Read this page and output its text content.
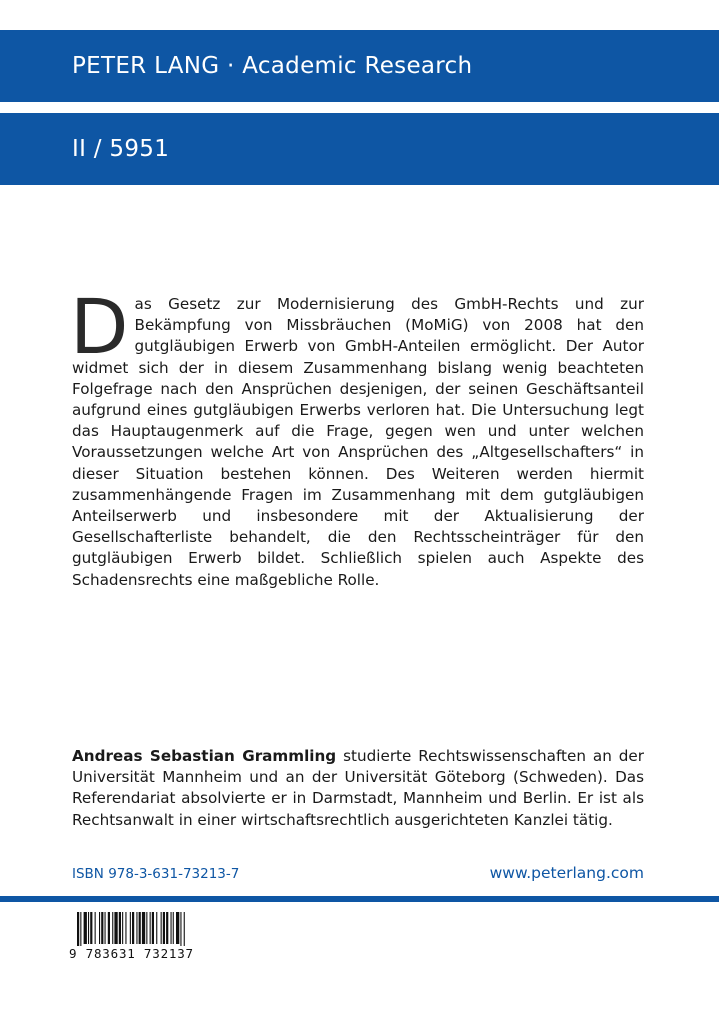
PETER LANG · Academic Research
II / 5951

Das Gesetz zur Modernisierung des GmbH-Rechts und zur Bekämpfung von Missbräuchen (MoMiG) von 2008 hat den gutgläubigen Erwerb von GmbH-Anteilen ermöglicht. Der Autor widmet sich der in diesem Zusammenhang bislang wenig beachteten Folgefrage nach den Ansprüchen desjenigen, der seinen Geschäftsanteil aufgrund eines gutgläubigen Erwerbs verloren hat. Die Untersuchung legt das Hauptaugenmerk auf die Frage, gegen wen und unter welchen Voraussetzungen welche Art von Ansprüchen des „Altgesellschafters“ in dieser Situation bestehen können. Des Weiteren werden hiermit zusammenhängende Fragen im Zusammenhang mit dem gutgläubigen Anteilserwerb und insbesondere mit der Aktualisierung der Gesellschafterliste behandelt, die den Rechtsscheinträger für den gutgläubigen Erwerb bildet. Schließlich spielen auch Aspekte des Schadensrechts eine maßgebliche Rolle.

Andreas Sebastian Grammling studierte Rechtswissenschaften an der Universität Mannheim und an der Universität Göteborg (Schweden). Das Referendariat absolvierte er in Darmstadt, Mannheim und Berlin. Er ist als Rechtsanwalt in einer wirtschaftsrechtlich ausgerichteten Kanzlei tätig.

ISBN 978-3-631-73213-7	www.peterlang.com
9 783631 732137
